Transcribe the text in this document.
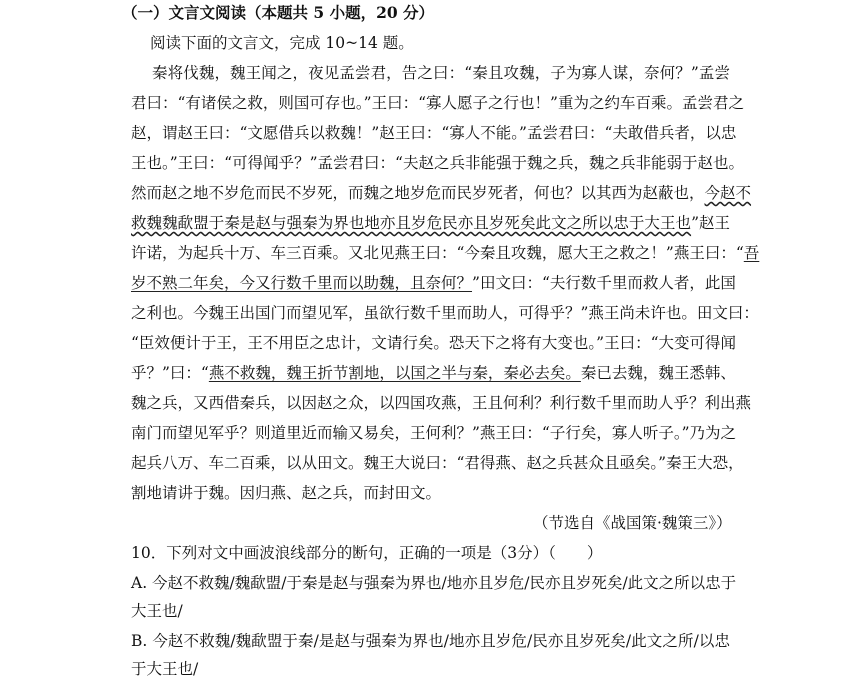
（一）文言文阅读（本题共 5 小题，20 分）
阅读下面的文言文，完成 10~14 题。
秦将伐魏，魏王闻之，夜见孟尝君，告之曰：“秦且攻魏，子为寡人谋，奈何？”孟尝
君曰：“有诸侯之救，则国可存也。”王曰：“寡人愿子之行也！”重为之约车百乘。孟尝君之
赵，谓赵王曰：“文愿借兵以救魏！”赵王曰：“寡人不能。”孟尝君曰：“夫敢借兵者，以忠
王也。”王曰：“可得闻乎？”孟尝君曰：“夫赵之兵非能强于魏之兵，魏之兵非能弱于赵也。
然而赵之地不岁危而民不岁死，而魏之地岁危而民岁死者，何也？以其西为赵蔽也， 今赵不
救魏魏歃盟于秦是赵与强秦为界也地亦且岁危民亦且岁死矣此文之所以忠于大王也 ”赵王
许诺，为起兵十万、车三百乘。又北见燕王曰：“今秦且攻魏，愿大王之救之！”燕王曰：“ 吾
岁不熟二年矣，今又行数千里而以助魏，且奈何？ ”田文曰：“夫行数千里而救人者，此国
之利也。今魏王出国门而望见军，虽欲行数千里而助人，可得乎？”燕王尚未许也。田文曰：
“臣效便计于王，王不用臣之忠计，文请行矣。恐天下之将有大变也。”王曰：“大变可得闻
乎？”曰：“ 燕不救魏，魏王折节割地，以国之半与秦，秦必去矣。 秦已去魏，魏王悉韩、
魏之兵，又西借秦兵，以因赵之众，以四国攻燕，王且何利？利行数千里而助人乎？利出燕
南门而望见军乎？则道里近而输又易矣，王何利？”燕王曰：“子行矣，寡人听子。”乃为之
起兵八万、车二百乘，以从田文。魏王大说曰：“君得燕、赵之兵甚众且亟矣。”秦王大恐，
割地请讲于魏。因归燕、赵之兵，而封田文。
（节选自《战国策·魏策三》）
10．下列对文中画波浪线部分的断句，正确的一项是（3分）（　　）
A. 今赵不救魏/魏歃盟/于秦是赵与强秦为界也/地亦且岁危/民亦且岁死矣/此文之所以忠于
大王也/
B. 今赵不救魏/魏歃盟于秦/是赵与强秦为界也/地亦且岁危/民亦且岁死矣/此文之所/以忠
于大王也/
